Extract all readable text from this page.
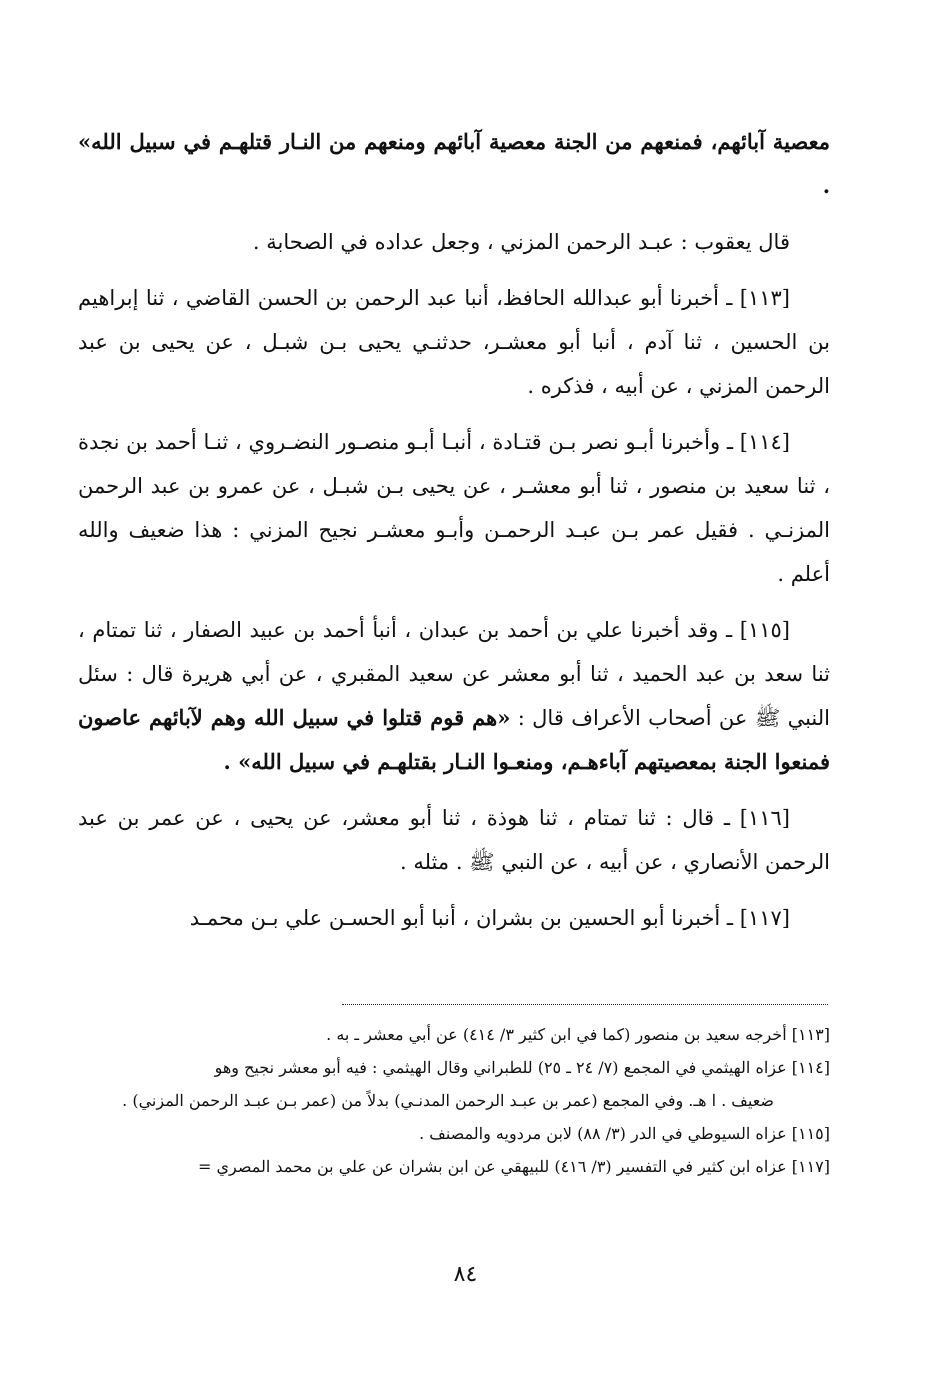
معصية آبائهم، فمنعهم من الجنة معصية آبائهم ومنعهم من النـار قتلهـم في سبيل الله» .

قال يعقوب : عبـد الرحمن المزني ، وجعل عداده في الصحابة .

[١١٣] ـ أخبرنا أبو عبدالله الحافظ، أنبا عبد الرحمن بن الحسن القاضي ، ثنا إبراهيم بن الحسين ، ثنا آدم ، أنبا أبو معشـر، حدثنـي يحيى بـن شبـل ، عن يحيى بن عبد الرحمن المزني ، عن أبيه ، فذكره .

[١١٤] ـ وأخبرنا أبـو نصر بـن قتـادة ، أنبـا أبـو منصـور النضـروي ، ثنـا أحمد بن نجدة ، ثنا سعيد بن منصور ، ثنا أبو معشـر ، عن يحيى بـن شبـل ، عن عمرو بن عبد الرحمن المزنـي . فقيل عمر بـن عبـد الرحمـن وأبـو معشـر نجيح المزني : هذا ضعيف والله أعلم .

[١١٥] ـ وقد أخبرنا علي بن أحمد بن عبدان ، أنبأ أحمد بن عبيد الصفار ، ثنا تمتام ، ثنا سعد بن عبد الحميد ، ثنا أبو معشر عن سعيد المقبري ، عن أبي هريرة قال : سئل النبي ﷺ عن أصحاب الأعراف قال : «هم قوم قتلوا في سبيل الله وهم لآبائهم عاصون فمنعوا الجنة بمعصيتهم آباءهـم، ومنعـوا النـار بقتلهـم في سبيل الله» .

[١١٦] ـ قال : ثنا تمتام ، ثنا هوذة ، ثنا أبو معشر، عن يحيى ، عن عمر بن عبد الرحمن الأنصاري ، عن أبيه ، عن النبي ﷺ . مثله .

[١١٧] ـ أخبرنا أبو الحسين بن بشران ، أنبا أبو الحسـن علي بـن محمـد

[١١٣] أخرجه سعيد بن منصور (كما في ابن كثير ٣/ ٤١٤) عن أبي معشر ـ به .

[١١٤] عزاه الهيثمي في المجمع (٧/ ٢٤ ـ ٢٥) للطبراني وقال الهيثمي : فيه أبو معشر نجيح وهو
ضعيف . ا هـ. وفي المجمع (عمر بن عبـد الرحمن المدنـي) بدلاً من (عمر بـن عبـد الرحمن المزني) .

[١١٥] عزاه السيوطي في الدر (٣/ ٨٨) لابن مردويه والمصنف .

[١١٧] عزاه ابن كثير في التفسير (٣/ ٤١٦) للبيهقي عن ابن بشران عن علي بن محمد المصري =

٨٤
